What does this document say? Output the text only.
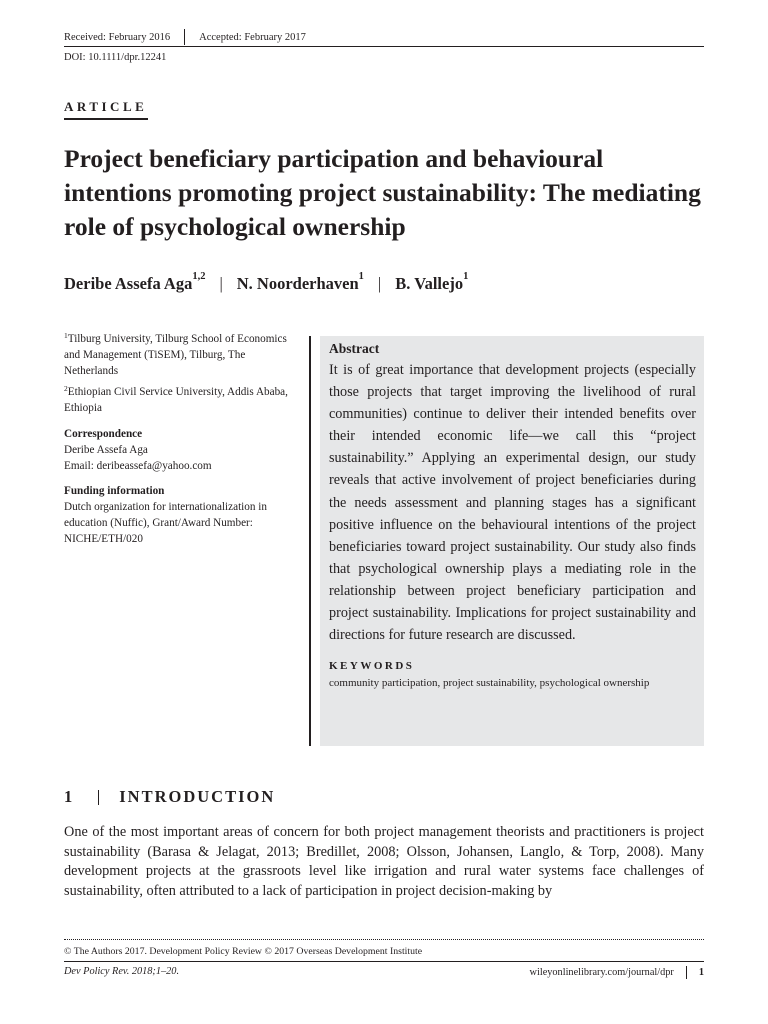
Received: February 2016	Accepted: February 2017
DOI: 10.1111/dpr.12241
ARTICLE
Project beneficiary participation and behavioural intentions promoting project sustainability: The mediating role of psychological ownership
Deribe Assefa Aga$^{1,2}$ | N. Noorderhaven$^1$ | B. Vallejo$^1$

$^1$Tilburg University, Tilburg School of Economics and Management (TiSEM), Tilburg, The Netherlands

$^2$Ethiopian Civil Service University, Addis Ababa, Ethiopia

Correspondence
Deribe Assefa Aga
Email: deribeassefa@yahoo.com
Funding information
Dutch organization for internationalization in education (Nuffic), Grant/Award Number: NICHE/ETH/020
Abstract
It is of great importance that development projects (especially those projects that target improving the livelihood of rural communities) continue to deliver their intended benefits over their intended economic life—we call this “project sustainability.” Applying an experimental design, our study reveals that active involvement of project beneficiaries during the needs assessment and planning stages has a significant positive influence on the behavioural intentions of the project beneficiaries toward project sustainability. Our study also finds that psychological ownership plays a mediating role in the relationship between project beneficiary participation and project sustainability. Implications for project sustainability and directions for future research are discussed.
KEYWORDS
community participation, project sustainability, psychological ownership
1	INTRODUCTION
One of the most important areas of concern for both project management theorists and practitioners is project sustainability (Barasa & Jelagat, 2013; Bredillet, 2008; Olsson, Johansen, Langlo, & Torp, 2008). Many development projects at the grassroots level like irrigation and rural water systems face challenges of sustainability, often attributed to a lack of participation in project decision-making by
© The Authors 2017. Development Policy Review © 2017 Overseas Development Institute
Dev Policy Rev. 2018;1–20.	wileyonlinelibrary.com/journal/dpr 1
